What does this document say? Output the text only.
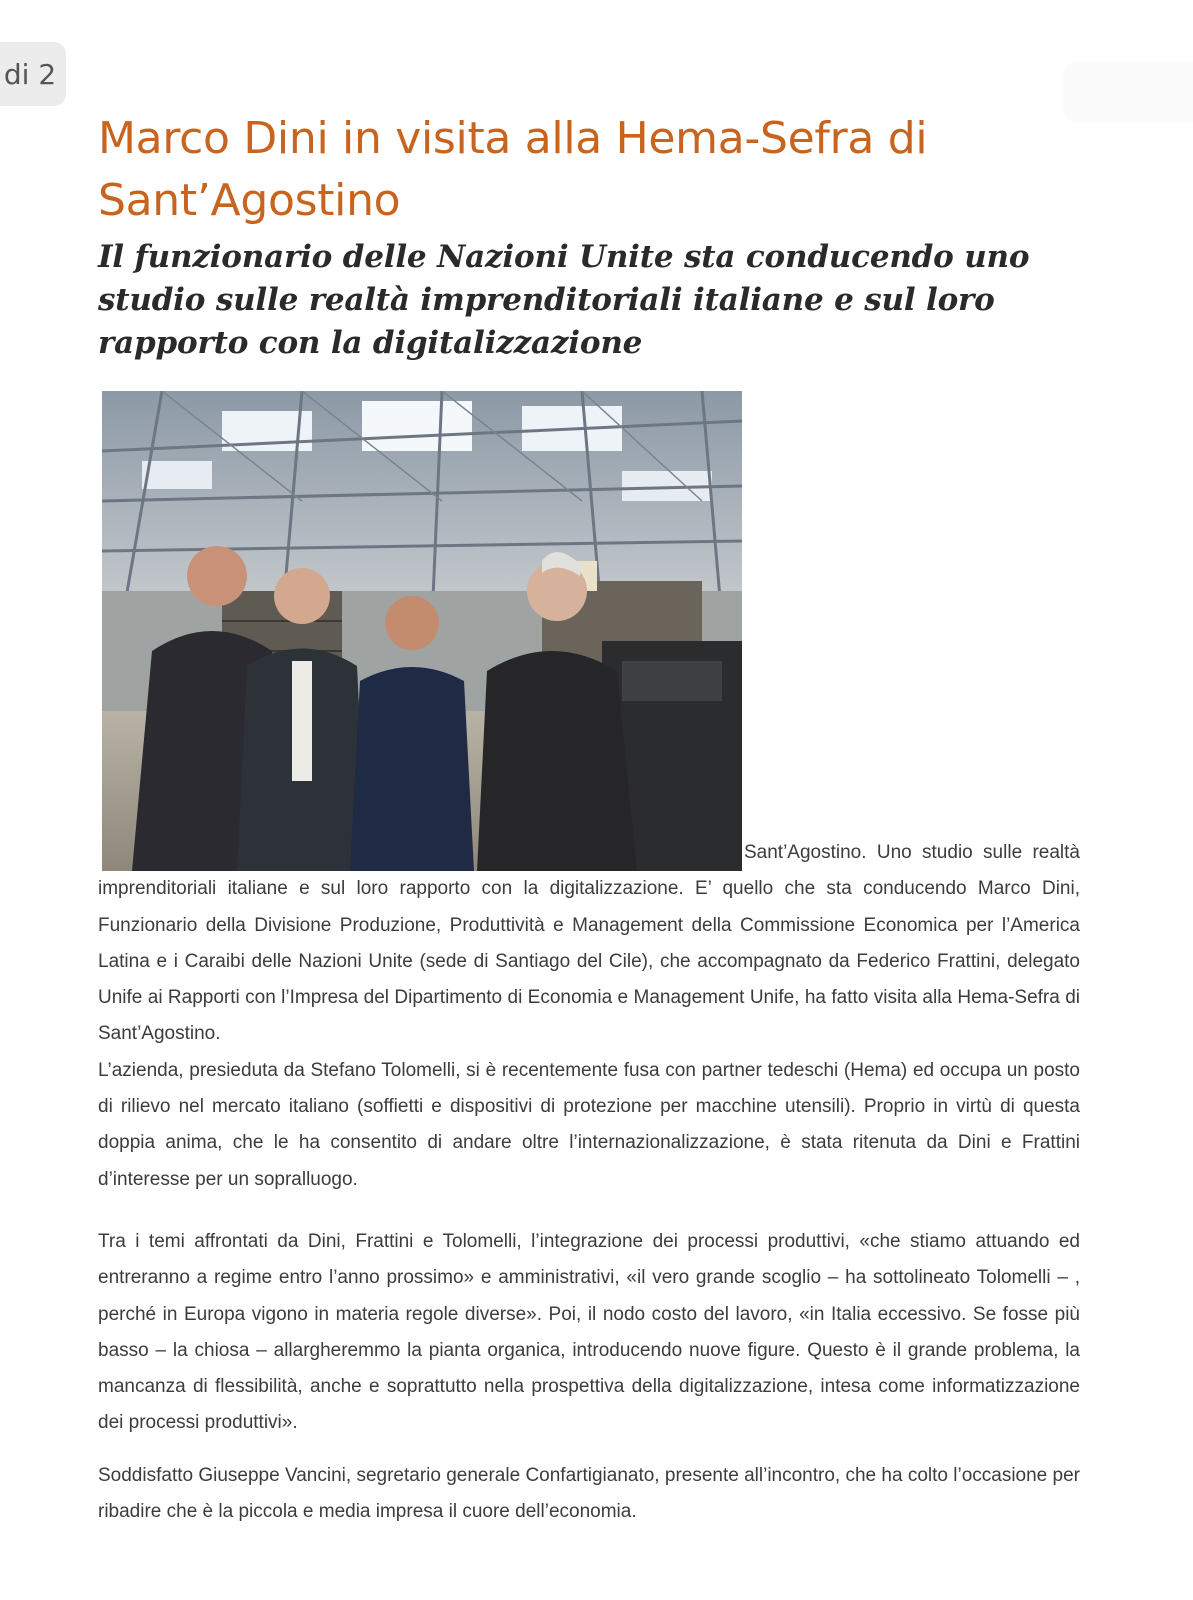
di 2
Marco Dini in visita alla Hema-Sefra di Sant’Agostino
Il funzionario delle Nazioni Unite sta conducendo uno studio sulle realtà imprenditoriali italiane e sul loro rapporto con la digitalizzazione

Sant’Agostino. Uno studio sulle realtà imprenditoriali italiane e sul loro rapporto con la digitalizzazione. E’ quello che sta conducendo Marco Dini, Funzionario della Divisione Produzione, Produttività e Management della Commissione Economica per l’America Latina e i Caraibi delle Nazioni Unite (sede di Santiago del Cile), che accompagnato da Federico Frattini, delegato Unife ai Rapporti con l’Impresa del Dipartimento di Economia e Management Unife, ha fatto visita alla Hema-Sefra di Sant’Agostino.

L’azienda, presieduta da Stefano Tolomelli, si è recentemente fusa con partner tedeschi (Hema) ed occupa un posto di rilievo nel mercato italiano (soffietti e dispositivi di protezione per macchine utensili). Proprio in virtù di questa doppia anima, che le ha consentito di andare oltre l’internazionalizzazione, è stata ritenuta da Dini e Frattini d’interesse per un sopralluogo.

Tra i temi affrontati da Dini, Frattini e Tolomelli, l’integrazione dei processi produttivi, «che stiamo attuando ed entreranno a regime entro l’anno prossimo» e amministrativi, «il vero grande scoglio – ha sottolineato Tolomelli – , perché in Europa vigono in materia regole diverse». Poi, il nodo costo del lavoro, «in Italia eccessivo. Se fosse più basso – la chiosa – allargheremmo la pianta organica, introducendo nuove figure. Questo è il grande problema, la mancanza di flessibilità, anche e soprattutto nella prospettiva della digitalizzazione, intesa come informatizzazione dei processi produttivi».

Soddisfatto Giuseppe Vancini, segretario generale Confartigianato, presente all’incontro, che ha colto l’occasione per ribadire che è la piccola e media impresa il cuore dell’economia.
